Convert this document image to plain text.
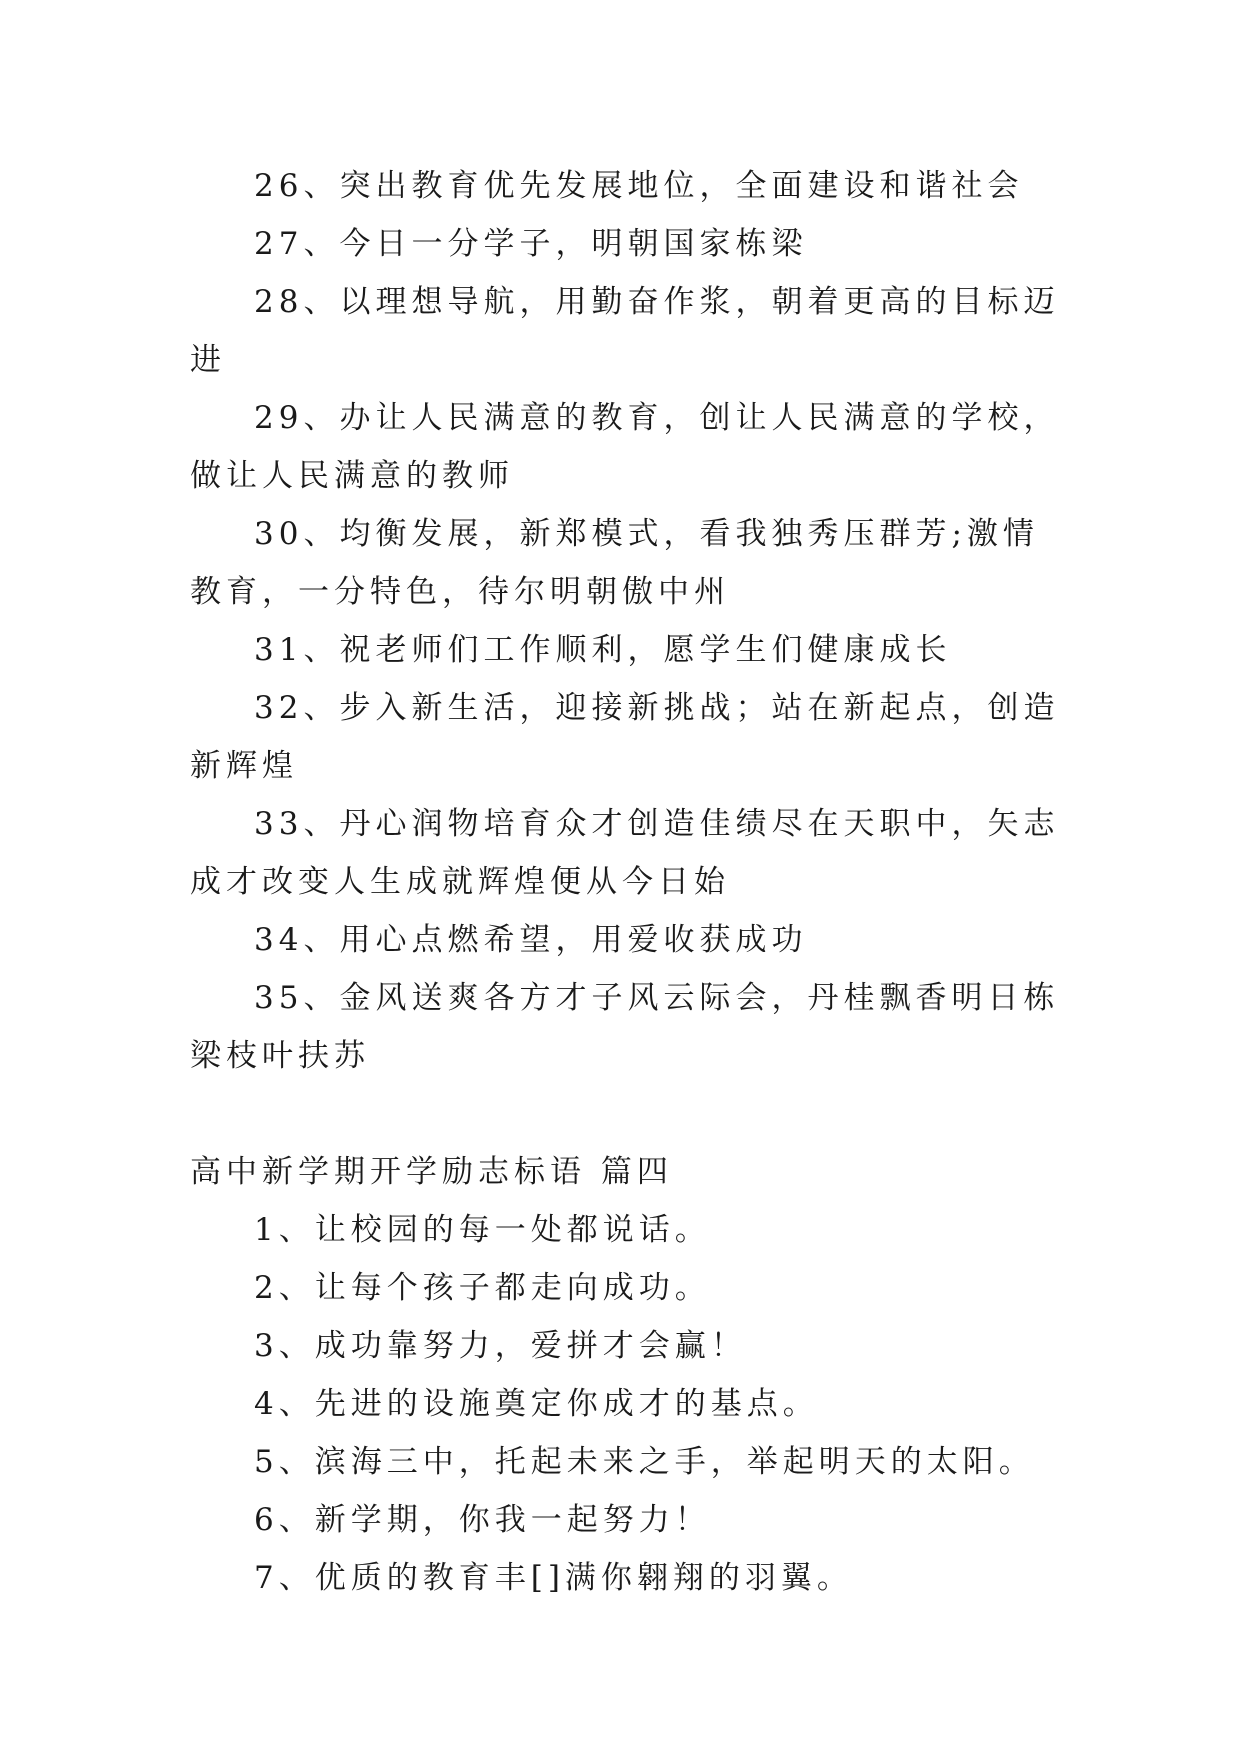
26、突出教育优先发展地位，全面建设和谐社会

27、今日一分学子，明朝国家栋梁

28、以理想导航，用勤奋作浆，朝着更高的目标迈进

29、办让人民满意的教育，创让人民满意的学校，做让人民满意的教师

30、均衡发展，新郑模式，看我独秀压群芳;激情教育，一分特色，待尔明朝傲中州

31、祝老师们工作顺利，愿学生们健康成长

32、步入新生活，迎接新挑战；站在新起点，创造新辉煌

33、丹心润物培育众才创造佳绩尽在天职中，矢志成才改变人生成就辉煌便从今日始

34、用心点燃希望，用爱收获成功

35、金风送爽各方才子风云际会，丹桂飘香明日栋梁枝叶扶苏

高中新学期开学励志标语 篇四

1、让校园的每一处都说话。

2、让每个孩子都走向成功。

3、成功靠努力，爱拼才会赢！

4、先进的设施奠定你成才的基点。

5、滨海三中，托起未来之手，举起明天的太阳。

6、新学期，你我一起努力！

7、优质的教育丰[]满你翱翔的羽翼。
